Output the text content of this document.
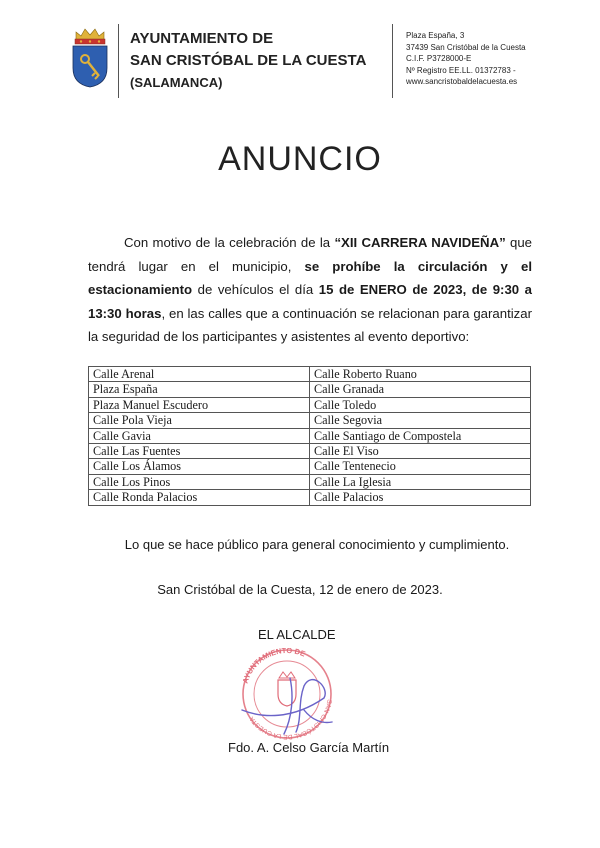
AYUNTAMIENTO DE
SAN CRISTÓBAL DE LA CUESTA
(SALAMANCA)
Plaza España, 3
37439 San Cristóbal de la Cuesta
C.I.F. P3728000-E
Nº Registro EE.LL. 01372783 -
www.sancristobaldelacuesta.es
ANUNCIO

Con motivo de la celebración de la “XII CARRERA NAVIDEÑA” que tendrá lugar en el municipio, se prohíbe la circulación y el estacionamiento de vehículos el día 15 de ENERO de 2023, de 9:30 a 13:30 horas, en las calles que a continuación se relacionan para garantizar la seguridad de los participantes y asistentes al evento deportivo:

Calle Arenal	Calle Roberto Ruano
Plaza España	Calle Granada
Plaza Manuel Escudero	Calle Toledo
Calle Pola Vieja	Calle Segovia
Calle Gavia	Calle Santiago de Compostela
Calle Las Fuentes	Calle El Viso
Calle Los Álamos	Calle Tentenecio
Calle Los Pinos	Calle La Iglesia
Calle Ronda Palacios	Calle Palacios
Lo que se hace público para general conocimiento y cumplimiento.
San Cristóbal de la Cuesta, 12 de enero de 2023.
EL ALCALDE
AYUNTAMIENTO DE
SAN CRISTÓBAL DE LA CUESTA
Fdo. A. Celso García Martín
